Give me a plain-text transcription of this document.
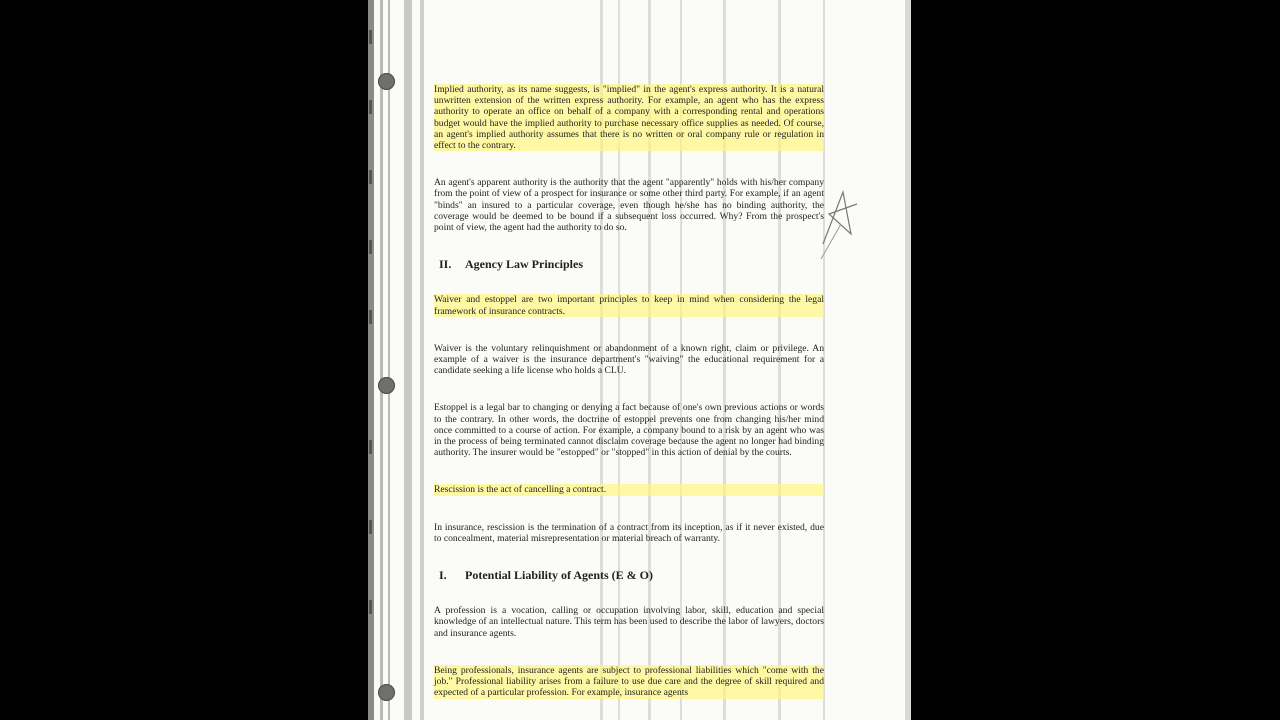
Implied authority, as its name suggests, is "implied" in the agent's express authority. It is a natural unwritten extension of the written express authority. For example, an agent who has the express authority to operate an office on behalf of a company with a corresponding rental and operations budget would have the implied authority to purchase necessary office supplies as needed. Of course, an agent's implied authority assumes that there is no written or oral company rule or regulation in effect to the contrary.

An agent's apparent authority is the authority that the agent "apparently" holds with his/her company from the point of view of a prospect for insurance or some other third party. For example, if an agent "binds" an insured to a particular coverage, even though he/she has no binding authority, the coverage would be deemed to be bound if a subsequent loss occurred. Why? From the prospect's point of view, the agent had the authority to do so.

II. Agency Law Principles

Waiver and estoppel are two important principles to keep in mind when considering the legal framework of insurance contracts.

Waiver is the voluntary relinquishment or abandonment of a known right, claim or privilege. An example of a waiver is the insurance department's "waiving" the educational requirement for a candidate seeking a life license who holds a CLU.

Estoppel is a legal bar to changing or denying a fact because of one's own previous actions or words to the contrary. In other words, the doctrine of estoppel prevents one from changing his/her mind once committed to a course of action. For example, a company bound to a risk by an agent who was in the process of being terminated cannot disclaim coverage because the agent no longer had binding authority. The insurer would be "estopped" or "stopped" in this action of denial by the courts.

Rescission is the act of cancelling a contract.

In insurance, rescission is the termination of a contract from its inception, as if it never existed, due to concealment, material misrepresentation or material breach of warranty.

I. Potential Liability of Agents (E & O)

A profession is a vocation, calling or occupation involving labor, skill, education and special knowledge of an intellectual nature. This term has been used to describe the labor of lawyers, doctors and insurance agents.

Being professionals, insurance agents are subject to professional liabilities which "come with the job." Professional liability arises from a failure to use due care and the degree of skill required and expected of a particular profession. For example, insurance agents
